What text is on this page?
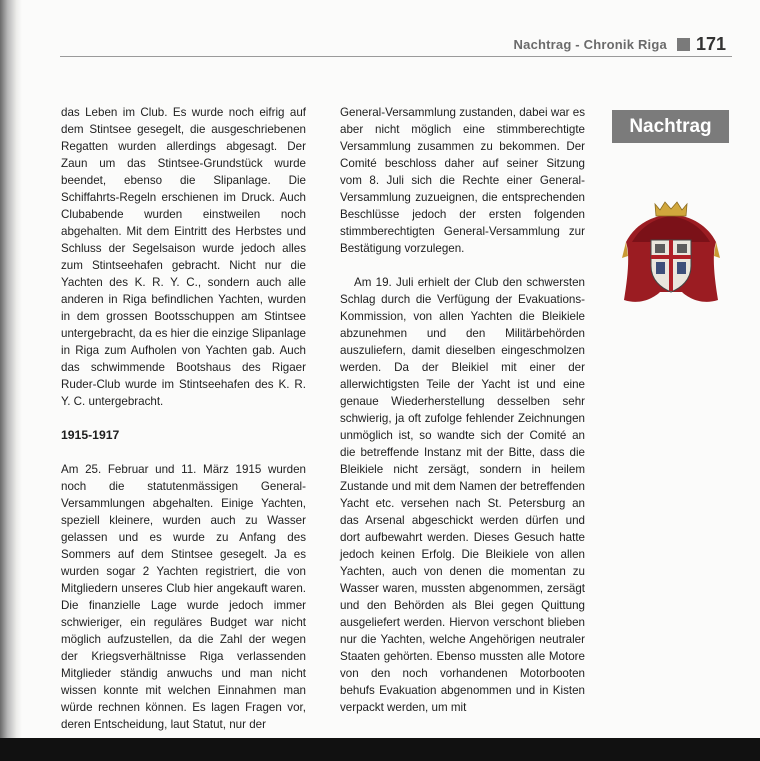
Nachtrag - Chronik Riga 171

das Leben im Club. Es wurde noch eifrig auf dem Stintsee gesegelt, die ausgeschriebenen Regatten wurden allerdings abgesagt. Der Zaun um das Stintsee-Grundstück wurde beendet, ebenso die Slipanlage. Die Schiffahrts-Regeln erschienen im Druck. Auch Clubabende wurden einstweilen noch abgehalten. Mit dem Eintritt des Herbstes und Schluss der Segelsaison wurde jedoch alles zum Stintseehafen gebracht. Nicht nur die Yachten des K. R. Y. C., sondern auch alle anderen in Riga befindlichen Yachten, wurden in dem grossen Bootsschuppen am Stintsee untergebracht, da es hier die einzige Slipanlage in Riga zum Aufholen von Yachten gab. Auch das schwimmende Bootshaus des Rigaer Ruder-Club wurde im Stintseehafen des K. R. Y. C. untergebracht.

1915-1917

Am 25. Februar und 11. März 1915 wurden noch die statutenmässigen General-Versammlungen abgehalten. Einige Yachten, speziell kleinere, wurden auch zu Wasser gelassen und es wurde zu Anfang des Sommers auf dem Stintsee gesegelt. Ja es wurden sogar 2 Yachten registriert, die von Mitgliedern unseres Club hier angekauft waren. Die finanzielle Lage wurde jedoch immer schwieriger, ein reguläres Budget war nicht möglich aufzustellen, da die Zahl der wegen der Kriegsverhältnisse Riga verlassenden Mitglieder ständig anwuchs und man nicht wissen konnte mit welchen Einnahmen man würde rechnen können. Es lagen Fragen vor, deren Entscheidung, laut Statut, nur der

General-Versammlung zustanden, dabei war es aber nicht möglich eine stimmberechtigte Versammlung zusammen zu bekommen. Der Comité beschloss daher auf seiner Sitzung vom 8. Juli sich die Rechte einer General-Versammlung zuzueignen, die entsprechenden Beschlüsse jedoch der ersten folgenden stimmberechtigten General-Versammlung zur Bestätigung vorzulegen.

Am 19. Juli erhielt der Club den schwersten Schlag durch die Verfügung der Evakuations-Kommission, von allen Yachten die Bleikiele abzunehmen und den Militärbehörden auszuliefern, damit dieselben eingeschmolzen werden. Da der Bleikiel mit einer der allerwichtigsten Teile der Yacht ist und eine genaue Wiederherstellung desselben sehr schwierig, ja oft zufolge fehlender Zeichnungen unmöglich ist, so wandte sich der Comité an die betreffende Instanz mit der Bitte, dass die Bleikiele nicht zersägt, sondern in heilem Zustande und mit dem Namen der betreffenden Yacht etc. versehen nach St. Petersburg an das Arsenal abgeschickt werden dürfen und dort aufbewahrt werden. Dieses Gesuch hatte jedoch keinen Erfolg. Die Bleikiele von allen Yachten, auch von denen die momentan zu Wasser waren, mussten abgenommen, zersägt und den Behörden als Blei gegen Quittung ausgeliefert werden. Hiervon verschont blieben nur die Yachten, welche Angehörigen neutraler Staaten gehörten. Ebenso mussten alle Motore von den noch vorhandenen Motorbooten behufs Evakuation abgenommen und in Kisten verpackt werden, um mit

Nachtrag
